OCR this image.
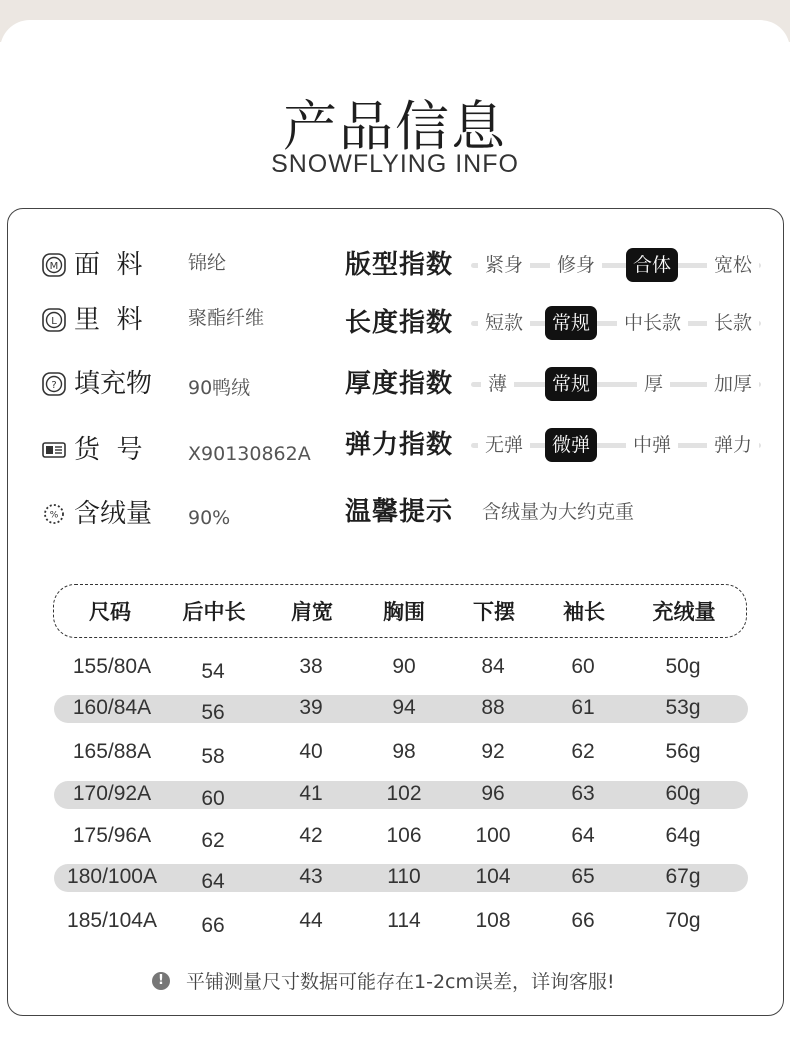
产品信息
SNOWFLYING INFO
M 面  料 锦纶
L 里  料 聚酯纤维
? 填充物 90鸭绒
货  号 X90130862A
% 含绒量 90%
版型指数	紧身	修身	合体	宽松
长度指数	短款	常规	中长款	长款
厚度指数	薄	常规	厚	加厚
弹力指数	无弹	微弹	中弹	弹力
温馨提示 含绒量为大约克重
尺码 后中长 肩宽 胸围 下摆 袖长 充绒量
155/80A 54	38	90	84	60	50g
160/84A 56	39	94	88	61	53g
165/88A 58	40	98	92	62	56g
170/92A 60	41	102	96	63	60g
175/96A 62	42	106	100	64	64g
180/100A 64	43	110	104	65	67g
185/104A 66	44	114	108	66	70g
! 平铺测量尺寸数据可能存在1-2cm误差，详询客服!
